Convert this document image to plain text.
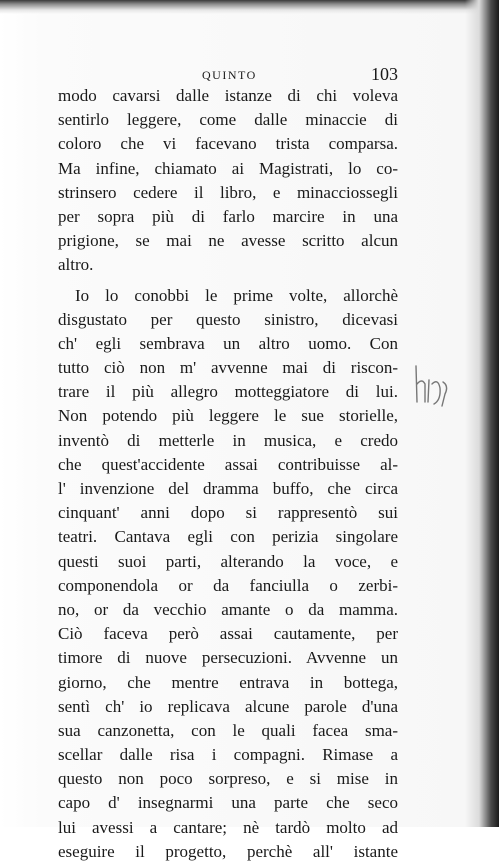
QUINTO	103
modo cavarsi dalle istanze di chi voleva
sentirlo leggere, come dalle minaccie di
coloro che vi facevano trista comparsa.
Ma infine, chiamato ai Magistrati, lo co-
strinsero cedere il libro, e minacciossegli
per sopra più di farlo marcire in una
prigione, se mai ne avesse scritto alcun
altro.
Io lo conobbi le prime volte, allorchè
disgustato per questo sinistro, dicevasi
ch' egli sembrava un altro uomo. Con
tutto ciò non m' avvenne mai di riscon-
trare il più allegro motteggiatore di lui.
Non potendo più leggere le sue storielle,
inventò di metterle in musica, e credo
che quest'accidente assai contribuisse al-
l' invenzione del dramma buffo, che circa
cinquant' anni dopo si rappresentò sui
teatri. Cantava egli con perizia singolare
questi suoi parti, alterando la voce, e
componendola or da fanciulla o zerbi-
no, or da vecchio amante o da mamma.
Ciò faceva però assai cautamente, per
timore di nuove persecuzioni. Avvenne un
giorno, che mentre entrava in bottega,
sentì ch' io replicava alcune parole d'una
sua canzonetta, con le quali facea sma-
scellar dalle risa i compagni. Rimase a
questo non poco sorpreso, e si mise in
capo d' insegnarmi una parte che seco
lui avessi a cantare; nè tardò molto ad
eseguire il progetto, perchè all' istante
